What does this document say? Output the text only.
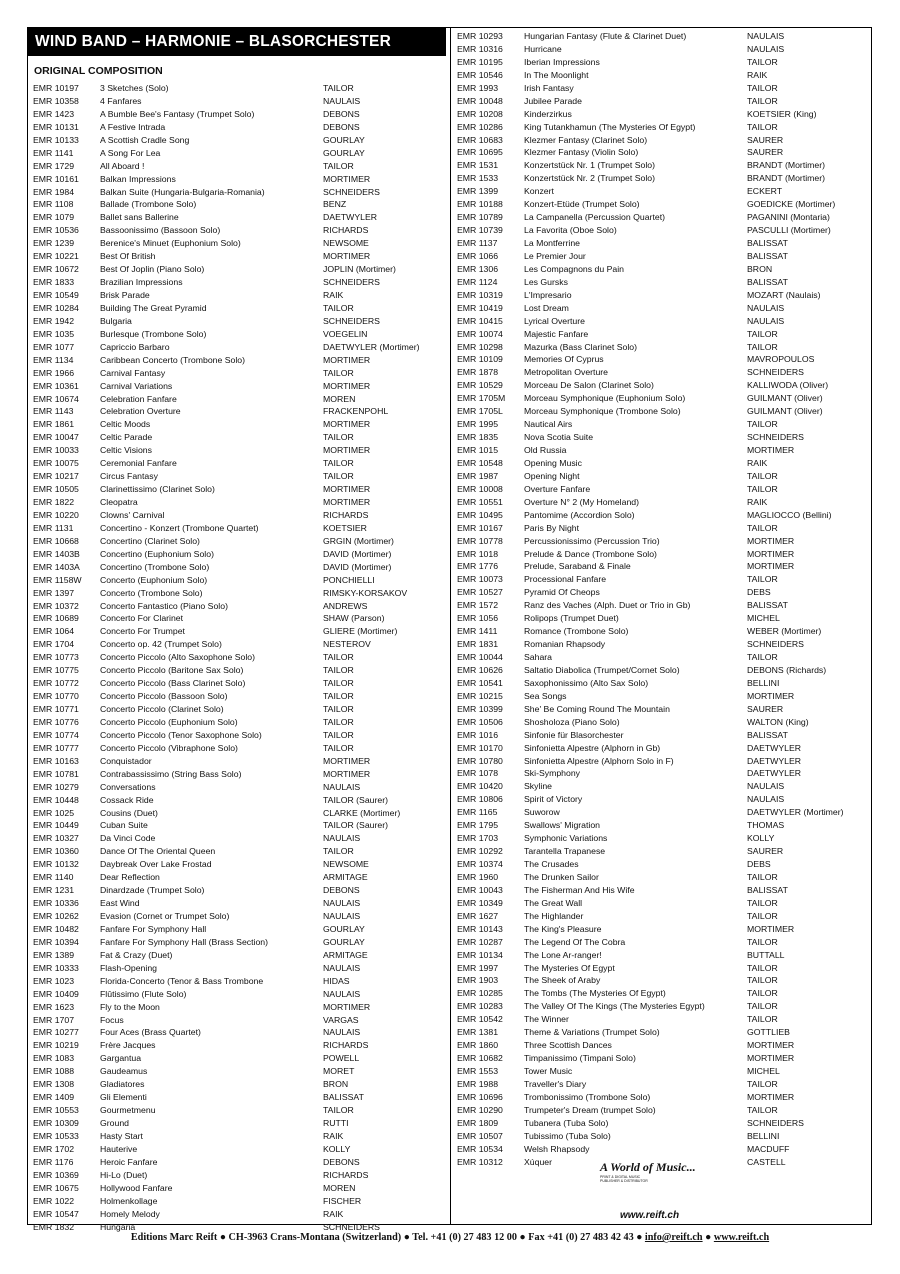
WIND BAND – HARMONIE – BLASORCHESTER
ORIGINAL COMPOSITION
EMR 10197	3 Sketches (Solo)	TAILOR
EMR 10358	4 Fanfares	NAULAIS
EMR 1423	A Bumble Bee's Fantasy (Trumpet Solo)	DEBONS
EMR 10131	A Festive Intrada	DEBONS
EMR 10133	A Scottish Cradle Song	GOURLAY
EMR 1141	A Song For Lea	GOURLAY
EMR 1729	All Aboard !	TAILOR
EMR 10161	Balkan Impressions	MORTIMER
EMR 1984	Balkan Suite (Hungaria-Bulgaria-Romania)	SCHNEIDERS
EMR 1108	Ballade (Trombone Solo)	BENZ
EMR 1079	Ballet sans Ballerine	DAETWYLER
EMR 10536	Bassoonissimo (Bassoon Solo)	RICHARDS
EMR 1239	Berenice's Minuet (Euphonium Solo)	NEWSOME
EMR 10221	Best Of British	MORTIMER
EMR 10672	Best Of Joplin (Piano Solo)	JOPLIN (Mortimer)
EMR 1833	Brazilian Impressions	SCHNEIDERS
EMR 10549	Brisk Parade	RAIK
EMR 10284	Building The Great Pyramid	TAILOR
EMR 1942	Bulgaria	SCHNEIDERS
EMR 1035	Burlesque (Trombone Solo)	VOEGELIN
EMR 1077	Capriccio Barbaro	DAETWYLER (Mortimer)
EMR 1134	Caribbean Concerto (Trombone Solo)	MORTIMER
EMR 1966	Carnival Fantasy	TAILOR
EMR 10361	Carnival Variations	MORTIMER
EMR 10674	Celebration Fanfare	MOREN
EMR 1143	Celebration Overture	FRACKENPOHL
EMR 1861	Celtic Moods	MORTIMER
EMR 10047	Celtic Parade	TAILOR
EMR 10033	Celtic Visions	MORTIMER
EMR 10075	Ceremonial Fanfare	TAILOR
EMR 10217	Circus Fantasy	TAILOR
EMR 10505	Clarinettissimo (Clarinet Solo)	MORTIMER
EMR 1822	Cleopatra	MORTIMER
EMR 10220	Clowns' Carnival	RICHARDS
EMR 1131	Concertino - Konzert (Trombone Quartet)	KOETSIER
EMR 10668	Concertino (Clarinet Solo)	GRGIN (Mortimer)
EMR 1403B	Concertino (Euphonium Solo)	DAVID (Mortimer)
EMR 1403A	Concertino (Trombone Solo)	DAVID (Mortimer)
EMR 1158W	Concerto (Euphonium Solo)	PONCHIELLI
EMR 1397	Concerto (Trombone Solo)	RIMSKY-KORSAKOV
EMR 10372	Concerto Fantastico (Piano Solo)	ANDREWS
EMR 10689	Concerto For Clarinet	SHAW (Parson)
EMR 1064	Concerto For Trumpet	GLIERE (Mortimer)
EMR 1704	Concerto op. 42 (Trumpet Solo)	NESTEROV
EMR 10773	Concerto Piccolo (Alto Saxophone Solo)	TAILOR
EMR 10775	Concerto Piccolo (Baritone Sax Solo)	TAILOR
EMR 10772	Concerto Piccolo (Bass Clarinet Solo)	TAILOR
EMR 10770	Concerto Piccolo (Bassoon Solo)	TAILOR
EMR 10771	Concerto Piccolo (Clarinet Solo)	TAILOR
EMR 10776	Concerto Piccolo (Euphonium Solo)	TAILOR
EMR 10774	Concerto Piccolo (Tenor Saxophone Solo)	TAILOR
EMR 10777	Concerto Piccolo (Vibraphone Solo)	TAILOR
EMR 10163	Conquistador	MORTIMER
EMR 10781	Contrabassissimo (String Bass Solo)	MORTIMER
EMR 10279	Conversations	NAULAIS
EMR 10448	Cossack Ride	TAILOR (Saurer)
EMR 1025	Cousins (Duet)	CLARKE (Mortimer)
EMR 10449	Cuban Suite	TAILOR (Saurer)
EMR 10327	Da Vinci Code	NAULAIS
EMR 10360	Dance Of The Oriental Queen	TAILOR
EMR 10132	Daybreak Over Lake Frostad	NEWSOME
EMR 1140	Dear Reflection	ARMITAGE
EMR 1231	Dinardzade (Trumpet Solo)	DEBONS
EMR 10336	East Wind	NAULAIS
EMR 10262	Evasion (Cornet or Trumpet Solo)	NAULAIS
EMR 10482	Fanfare For Symphony Hall	GOURLAY
EMR 10394	Fanfare For Symphony Hall (Brass Section)	GOURLAY
EMR 1389	Fat & Crazy (Duet)	ARMITAGE
EMR 10333	Flash-Opening	NAULAIS
EMR 1023	Florida-Concerto (Tenor & Bass Trombone	HIDAS
EMR 10409	Flûtissimo (Flute Solo)	NAULAIS
EMR 1623	Fly to the Moon	MORTIMER
EMR 1707	Focus	VARGAS
EMR 10277	Four Aces (Brass Quartet)	NAULAIS
EMR 10219	Frère Jacques	RICHARDS
EMR 1083	Gargantua	POWELL
EMR 1088	Gaudeamus	MORET
EMR 1308	Gladiatores	BRON
EMR 1409	Gli Elementi	BALISSAT
EMR 10553	Gourmetmenu	TAILOR
EMR 10309	Ground	RUTTI
EMR 10533	Hasty Start	RAIK
EMR 1702	Hauterive	KOLLY
EMR 1176	Heroic Fanfare	DEBONS
EMR 10369	Hi-Lo (Duet)	RICHARDS
EMR 10675	Hollywood Fanfare	MOREN
EMR 1022	Holmenkollage	FISCHER
EMR 10547	Homely Melody	RAIK
EMR 1832	Hungaria	SCHNEIDERS
EMR 10293	Hungarian Fantasy (Flute & Clarinet Duet)	NAULAIS
EMR 10316	Hurricane	NAULAIS
EMR 10195	Iberian Impressions	TAILOR
EMR 10546	In The Moonlight	RAIK
EMR 1993	Irish Fantasy	TAILOR
EMR 10048	Jubilee Parade	TAILOR
EMR 10208	Kinderzirkus	KOETSIER (King)
EMR 10286	King Tutankhamun (The Mysteries Of Egypt)	TAILOR
EMR 10683	Klezmer Fantasy (Clarinet Solo)	SAURER
EMR 10695	Klezmer Fantasy (Violin Solo)	SAURER
EMR 1531	Konzertstück Nr. 1 (Trumpet Solo)	BRANDT (Mortimer)
EMR 1533	Konzertstück Nr. 2 (Trumpet Solo)	BRANDT (Mortimer)
EMR 1399	Konzert	ECKERT
EMR 10188	Konzert-Etüde (Trumpet Solo)	GOEDICKE (Mortimer)
EMR 10789	La Campanella (Percussion Quartet)	PAGANINI (Montaria)
EMR 10739	La Favorita (Oboe Solo)	PASCULLI (Mortimer)
EMR 1137	La Montferrine	BALISSAT
EMR 1066	Le Premier Jour	BALISSAT
EMR 1306	Les Compagnons du Pain	BRON
EMR 1124	Les Gursks	BALISSAT
EMR 10319	L'Impresario	MOZART (Naulais)
EMR 10419	Lost Dream	NAULAIS
EMR 10415	Lyrical Overture	NAULAIS
EMR 10074	Majestic Fanfare	TAILOR
EMR 10298	Mazurka (Bass Clarinet Solo)	TAILOR
EMR 10109	Memories Of Cyprus	MAVROPOULOS
EMR 1878	Metropolitan Overture	SCHNEIDERS
EMR 10529	Morceau De Salon (Clarinet Solo)	KALLIWODA (Oliver)
EMR 1705M	Morceau Symphonique (Euphonium Solo)	GUILMANT (Oliver)
EMR 1705L	Morceau Symphonique (Trombone Solo)	GUILMANT (Oliver)
EMR 1995	Nautical Airs	TAILOR
EMR 1835	Nova Scotia Suite	SCHNEIDERS
EMR 1015	Old Russia	MORTIMER
EMR 10548	Opening Music	RAIK
EMR 1987	Opening Night	TAILOR
EMR 10008	Overture Fanfare	TAILOR
EMR 10551	Overture N° 2 (My Homeland)	RAIK
EMR 10495	Pantomime (Accordion Solo)	MAGLIOCCO (Bellini)
EMR 10167	Paris By Night	TAILOR
EMR 10778	Percussionissimo (Percussion Trio)	MORTIMER
EMR 1018	Prelude & Dance (Trombone Solo)	MORTIMER
EMR 1776	Prelude, Saraband & Finale	MORTIMER
EMR 10073	Processional Fanfare	TAILOR
EMR 10527	Pyramid Of Cheops	DEBS
EMR 1572	Ranz des Vaches (Alph. Duet or Trio in Gb)	BALISSAT
EMR 1056	Rolipops (Trumpet Duet)	MICHEL
EMR 1411	Romance (Trombone Solo)	WEBER (Mortimer)
EMR 1831	Romanian Rhapsody	SCHNEIDERS
EMR 10044	Sahara	TAILOR
EMR 10626	Saltatio Diabolica (Trumpet/Cornet Solo)	DEBONS (Richards)
EMR 10541	Saxophonissimo (Alto Sax Solo)	BELLINI
EMR 10215	Sea Songs	MORTIMER
EMR 10399	She' Be Coming Round The Mountain	SAURER
EMR 10506	Shosholoza (Piano Solo)	WALTON (King)
EMR 1016	Sinfonie für Blasorchester	BALISSAT
EMR 10170	Sinfonietta Alpestre (Alphorn in Gb)	DAETWYLER
EMR 10780	Sinfonietta Alpestre (Alphorn Solo in F)	DAETWYLER
EMR 1078	Ski-Symphony	DAETWYLER
EMR 10420	Skyline	NAULAIS
EMR 10806	Spirit of Victory	NAULAIS
EMR 1165	Suworow	DAETWYLER (Mortimer)
EMR 1795	Swallows' Migration	THOMAS
EMR 1703	Symphonic Variations	KOLLY
EMR 10292	Tarantella Trapanese	SAURER
EMR 10374	The Crusades	DEBS
EMR 1960	The Drunken Sailor	TAILOR
EMR 10043	The Fisherman And His Wife	BALISSAT
EMR 10349	The Great Wall	TAILOR
EMR 1627	The Highlander	TAILOR
EMR 10143	The King's Pleasure	MORTIMER
EMR 10287	The Legend Of The Cobra	TAILOR
EMR 10134	The Lone Ar-ranger!	BUTTALL
EMR 1997	The Mysteries Of Egypt	TAILOR
EMR 1903	The Sheek of Araby	TAILOR
EMR 10285	The Tombs (The Mysteries Of Egypt)	TAILOR
EMR 10283	The Valley Of The Kings (The Mysteries Egypt)	TAILOR
EMR 10542	The Winner	TAILOR
EMR 1381	Theme & Variations (Trumpet Solo)	GOTTLIEB
EMR 1860	Three Scottish Dances	MORTIMER
EMR 10682	Timpanissimo (Timpani Solo)	MORTIMER
EMR 1553	Tower Music	MICHEL
EMR 1988	Traveller's Diary	TAILOR
EMR 10696	Trombonissimo (Trombone Solo)	MORTIMER
EMR 10290	Trumpeter's Dream (trumpet Solo)	TAILOR
EMR 1809	Tubanera (Tuba Solo)	SCHNEIDERS
EMR 10507	Tubissimo (Tuba Solo)	BELLINI
EMR 10534	Welsh Rhapsody	MACDUFF
EMR 10312	Xúquer	CASTELL
A World of Music...
PRINT & DIGITAL MUSIC PUBLISHER & DISTRIBUTOR
www.reift.ch
Editions Marc Reift ● CH-3963 Crans-Montana (Switzerland) ● Tel. +41 (0) 27 483 12 00 ● Fax +41 (0) 27 483 42 43 ● info@reift.ch ● www.reift.ch
